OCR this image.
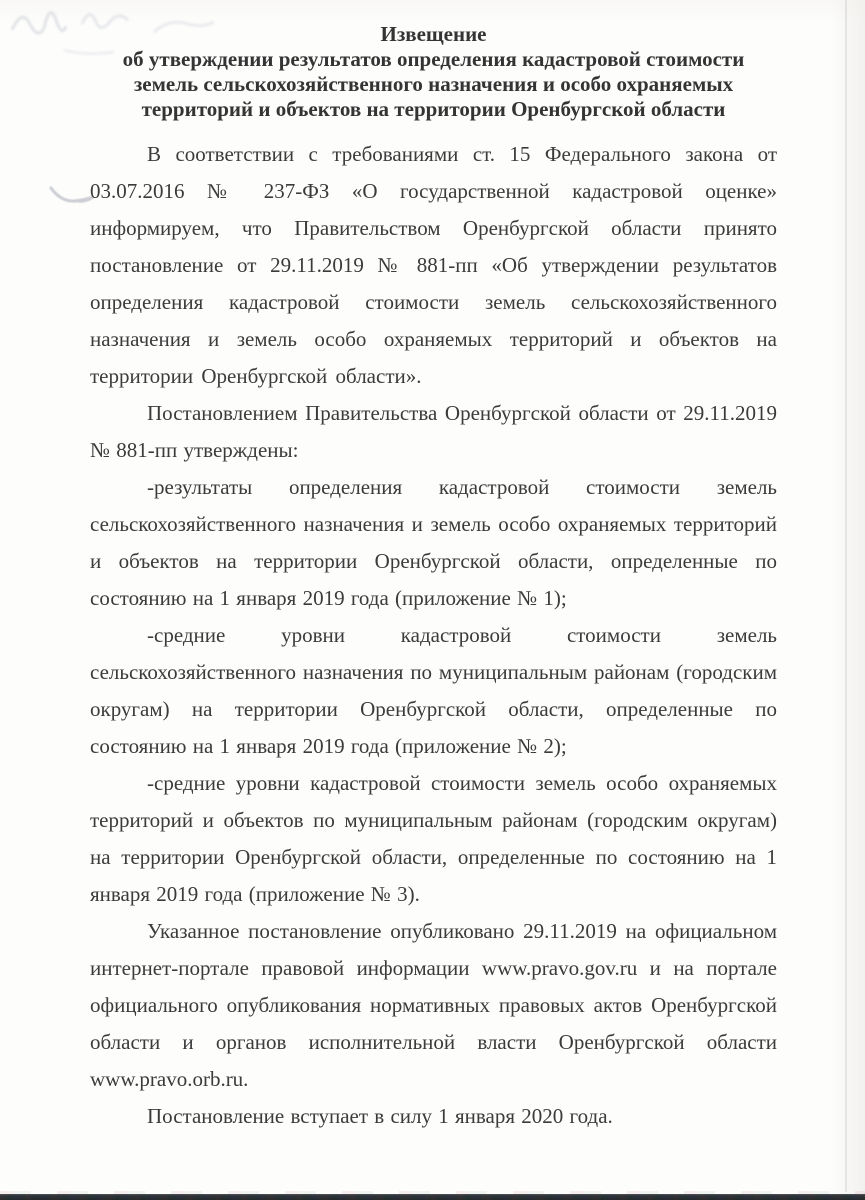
Извещение
об утверждении результатов определения кадастровой стоимости
земель сельскохозяйственного назначения и особо охраняемых
территорий и объектов на территории Оренбургской области

В соответствии с требованиями ст. 15 Федерального закона от 03.07.2016 № 237-ФЗ «О государственной кадастровой оценке» информируем, что Правительством Оренбургской области принято постановление от 29.11.2019 № 881-пп «Об утверждении результатов определения кадастровой стоимости земель сельскохозяйственного назначения и земель особо охраняемых территорий и объектов на территории Оренбургской области».

Постановлением Правительства Оренбургской области от 29.11.2019 № 881-пп утверждены:

-результаты определения кадастровой стоимости земель сельскохозяйственного назначения и земель особо охраняемых территорий и объектов на территории Оренбургской области, определенные по состоянию на 1 января 2019 года (приложение № 1);

-средние уровни кадастровой стоимости земель сельскохозяйственного назначения по муниципальным районам (городским округам) на территории Оренбургской области, определенные по состоянию на 1 января 2019 года (приложение № 2);

-средние уровни кадастровой стоимости земель особо охраняемых территорий и объектов по муниципальным районам (городским округам) на территории Оренбургской области, определенные по состоянию на 1 января 2019 года (приложение № 3).

Указанное постановление опубликовано 29.11.2019 на официальном интернет-портале правовой информации www.pravo.gov.ru и на портале официального опубликования нормативных правовых актов Оренбургской области и органов исполнительной власти Оренбургской области www.pravo.orb.ru.

Постановление вступает в силу 1 января 2020 года.
